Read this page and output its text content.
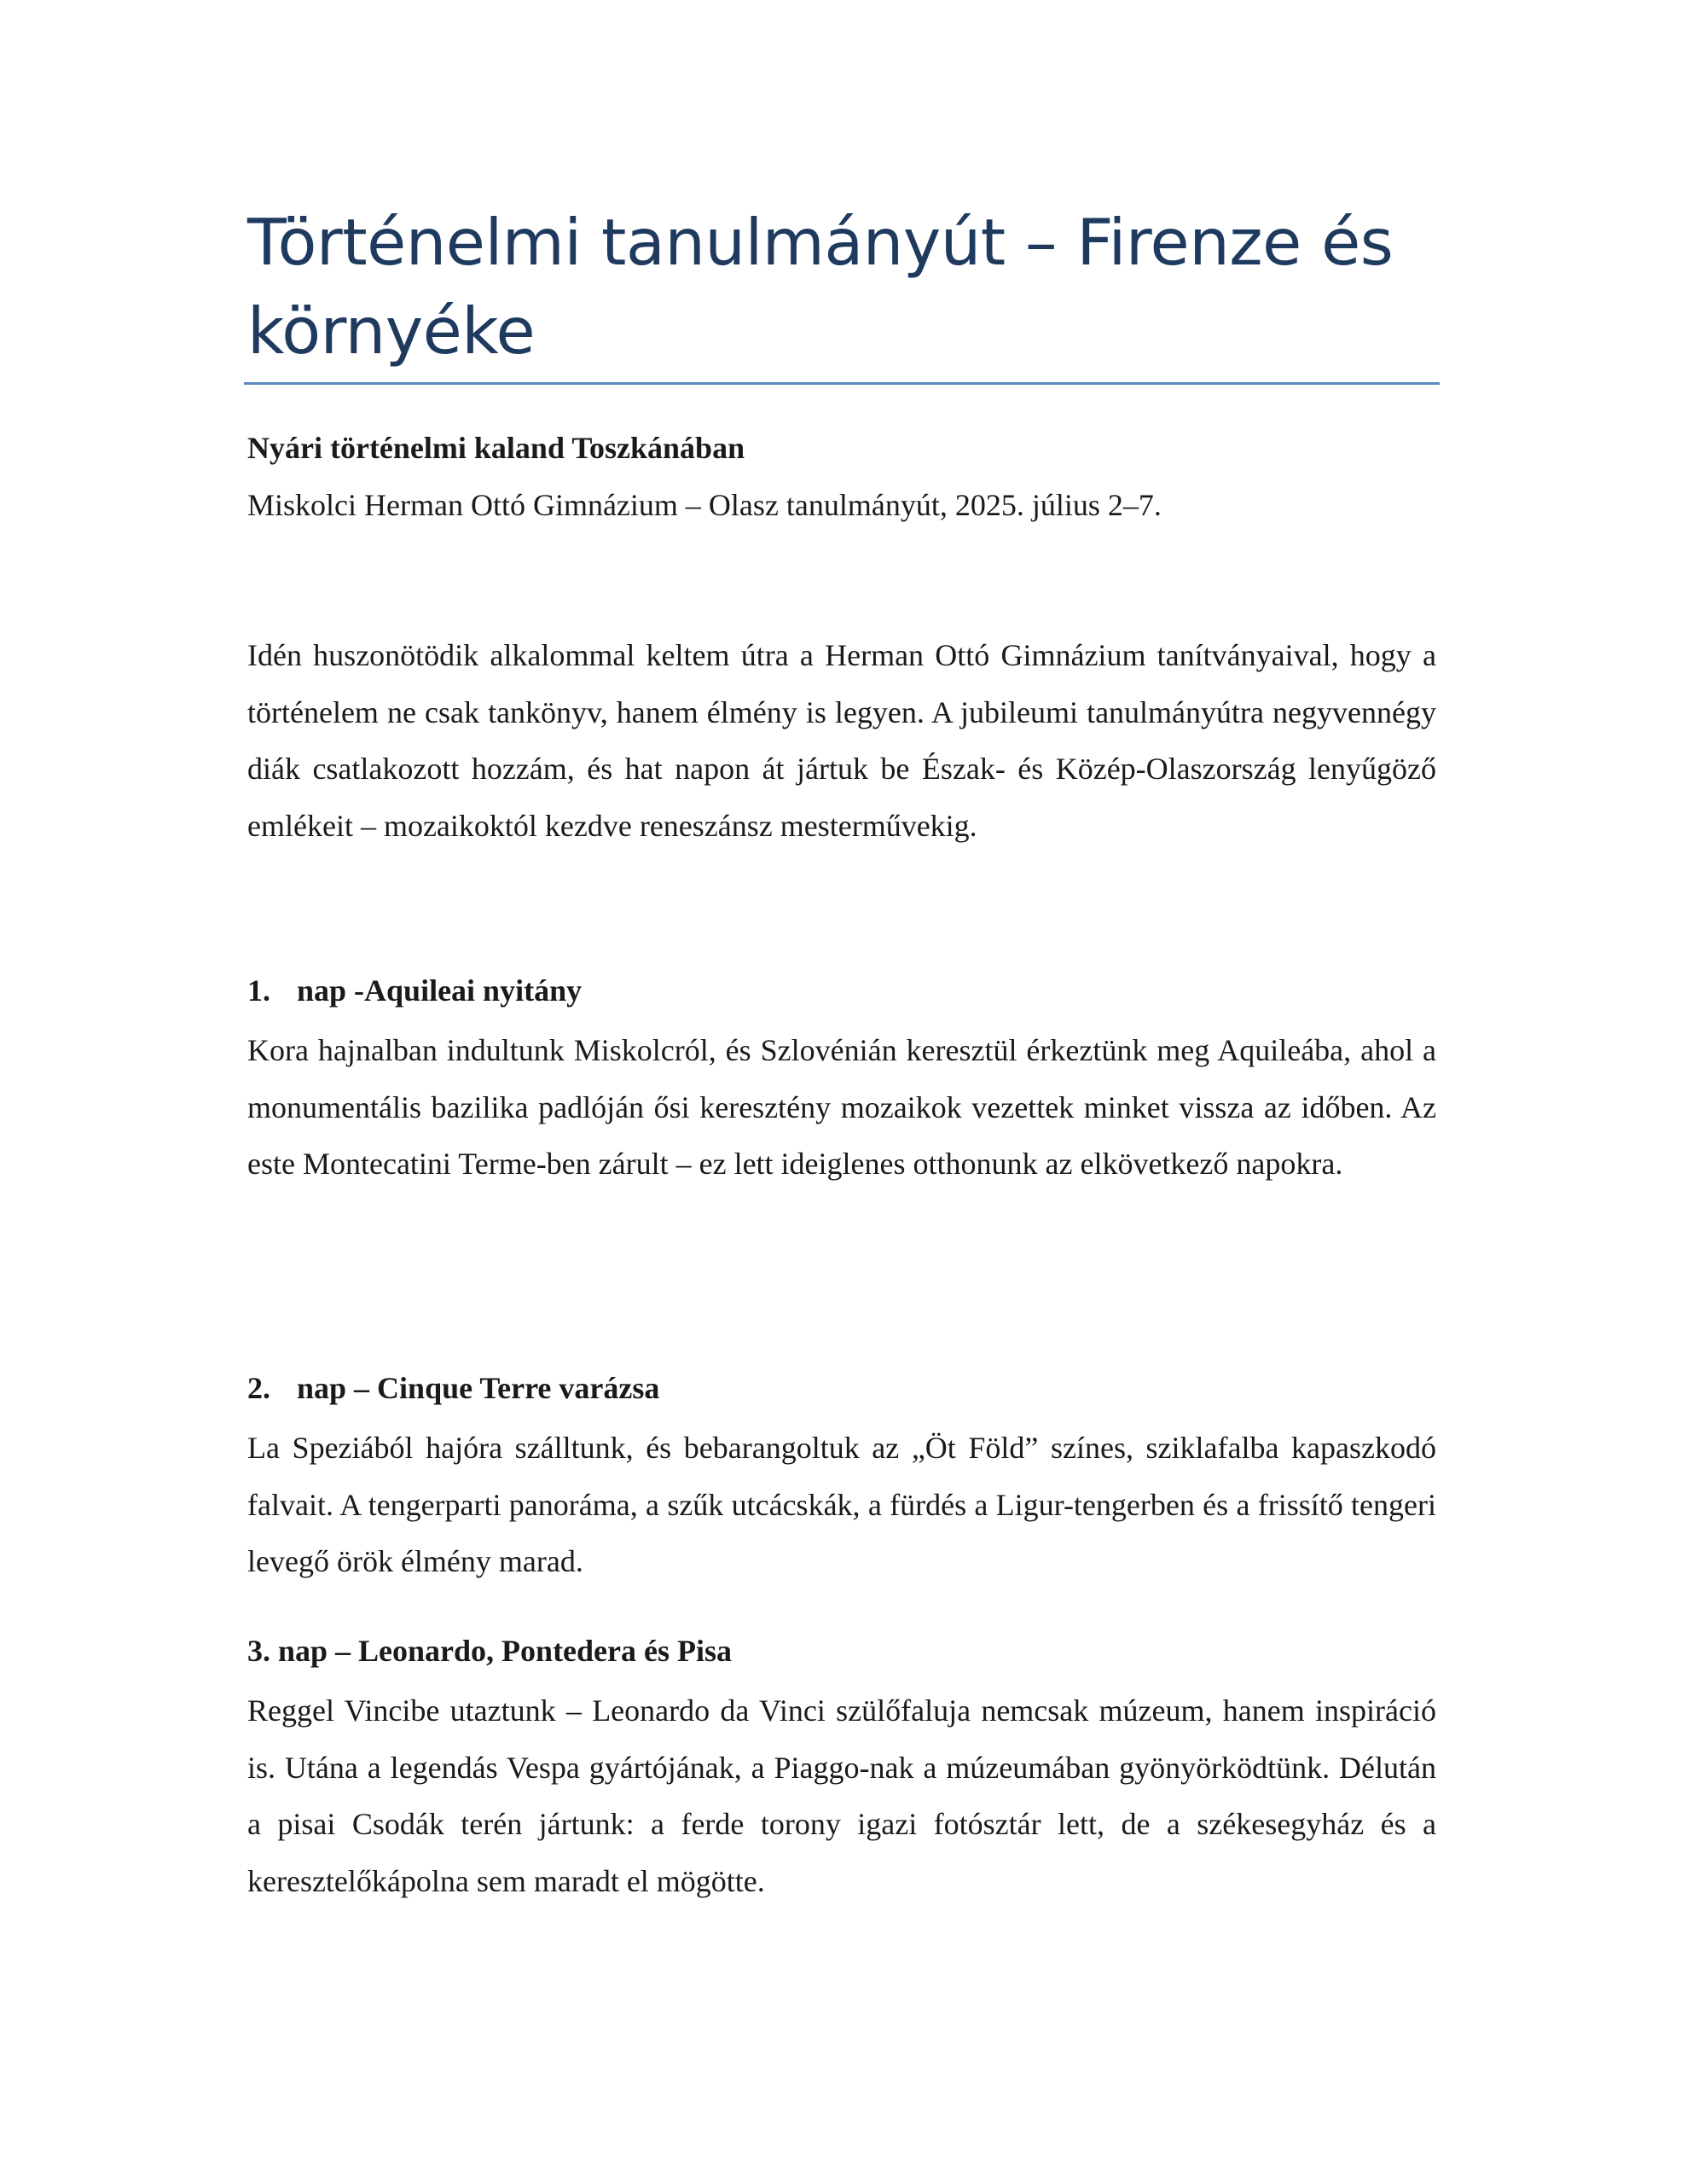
Történelmi tanulmányút – Firenze és környéke

Nyári történelmi kaland Toszkánában

Miskolci Herman Ottó Gimnázium – Olasz tanulmányút, 2025. július 2–7.

Idén huszonötödik alkalommal keltem útra a Herman Ottó Gimnázium tanítványaival, hogy a történelem ne csak tankönyv, hanem élmény is legyen. A jubileumi tanulmányútra negyvennégy diák csatlakozott hozzám, és hat napon át jártuk be Észak- és Közép-Olaszország lenyűgöző emlékeit – mozaikoktól kezdve reneszánsz mesterművekig.

1. nap -Aquileai nyitány

Kora hajnalban indultunk Miskolcról, és Szlovénián keresztül érkeztünk meg Aquileába, ahol a monumentális bazilika padlóján ősi keresztény mozaikok vezettek minket vissza az időben. Az este Montecatini Terme-ben zárult – ez lett ideiglenes otthonunk az elkövetkező napokra.

2. nap – Cinque Terre varázsa

La Speziából hajóra szálltunk, és bebarangoltuk az „Öt Föld” színes, sziklafalba kapaszkodó falvait. A tengerparti panoráma, a szűk utcácskák, a fürdés a Ligur-tengerben és a frissítő tengeri levegő örök élmény marad.

3. nap – Leonardo, Pontedera és Pisa

Reggel Vincibe utaztunk – Leonardo da Vinci szülőfaluja nemcsak múzeum, hanem inspiráció is. Utána a legendás Vespa gyártójának, a Piaggo-nak a múzeumában gyönyörködtünk. Délután a pisai Csodák terén jártunk: a ferde torony igazi fotósztár lett, de a székesegyház és a keresztelőkápolna sem maradt el mögötte.
